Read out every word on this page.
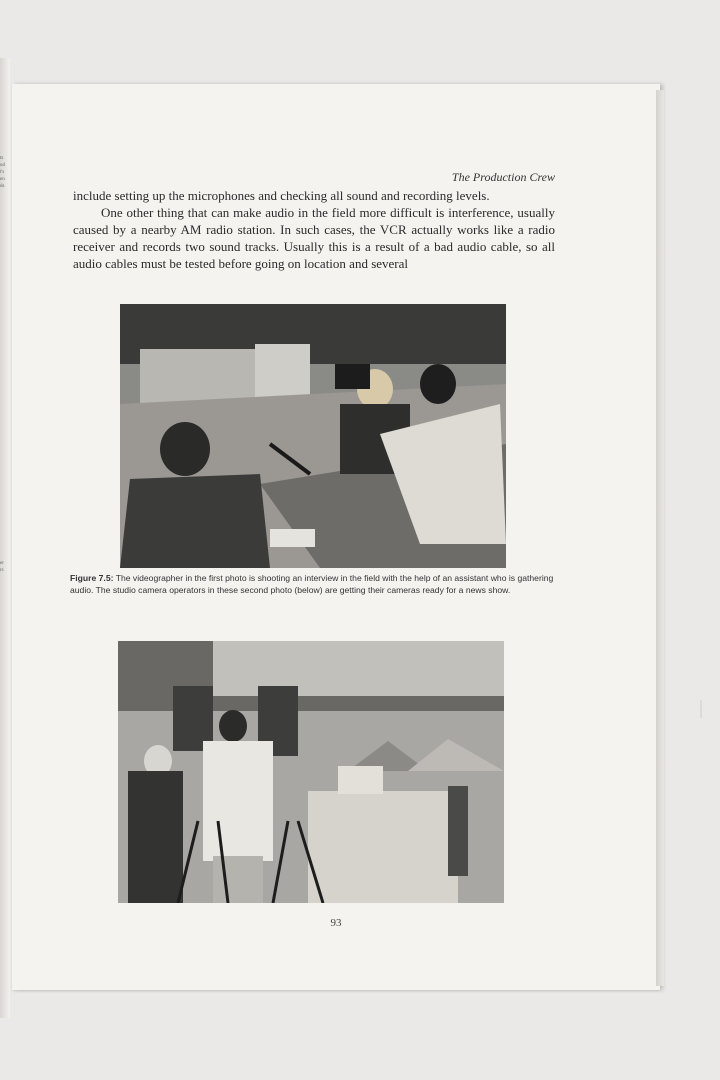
ts
ud
t's
en
ds
er
rs
The Production Crew

include setting up the microphones and checking all sound and recording levels.

One other thing that can make audio in the field more difficult is interference, usually caused by a nearby AM radio station. In such cases, the VCR actually works like a radio receiver and records two sound tracks. Usually this is a result of a bad audio cable, so all audio cables must be tested before going on location and several

Figure 7.5: The videographer in the first photo is shooting an interview in the field with the help of an assistant who is gathering audio. The studio camera operators in these second photo (below) are getting their cameras ready for a news show.
93
